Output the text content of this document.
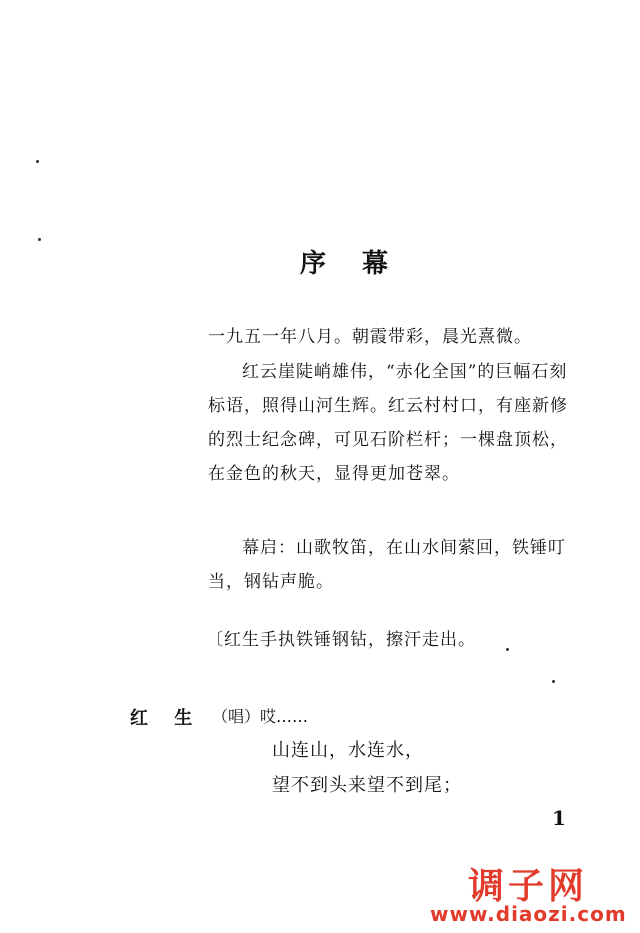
序 幕
一九五一年八月。朝霞带彩，晨光熹微。
红云崖陡峭雄伟，“赤化全国”的巨幅石刻标语，照得山河生辉。红云村村口，有座新修的烈士纪念碑，可见石阶栏杆；一棵盘顶松，在金色的秋天，显得更加苍翠。
幕启：山歌牧笛，在山水间萦回，铁锤叮当，钢钻声脆。
〔红生手执铁锤钢钻，擦汗走出。
红 生 （唱）哎……
山连山，水连水，
望不到头来望不到尾；
1
调子网
www.diaozi.com
